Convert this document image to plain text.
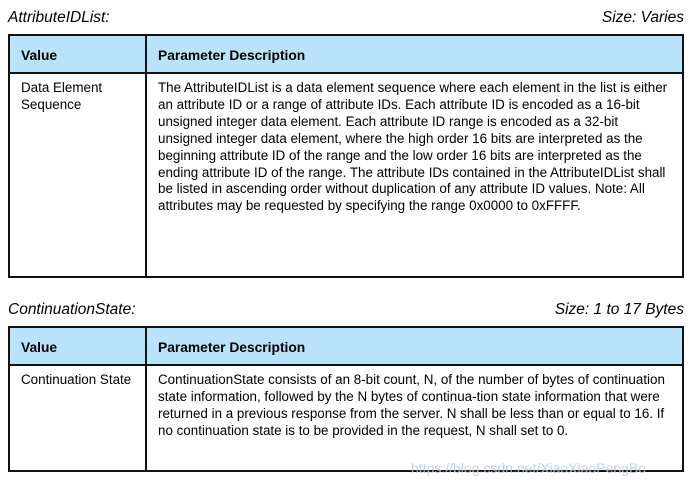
AttributeIDList:	Size: Varies
Value	Parameter Description
Data Element Sequence	The AttributeIDList is a data element sequence where each element in the list is either an attribute ID or a range of attribute IDs. Each attribute ID is encoded as a 16-bit unsigned integer data element. Each attribute ID range is encoded as a 32-bit unsigned integer data element, where the high order 16 bits are interpreted as the beginning attribute ID of the range and the low order 16 bits are interpreted as the ending attribute ID of the range. The attribute IDs contained in the AttributeIDList shall be listed in ascending order without duplication of any attribute ID values. Note: All attributes may be requested by specifying the range 0x0000 to 0xFFFF.
ContinuationState:	Size: 1 to 17 Bytes
Value	Parameter Description
Continuation State	ContinuationState consists of an 8-bit count, N, of the number of bytes of continuation state information, followed by the N bytes of continua-tion state information that were returned in a previous response from the server. N shall be less than or equal to 16. If no continuation state is to be provided in the request, N shall set to 0.
https://blog.csdn.net/XiaoXiaoPengBo
